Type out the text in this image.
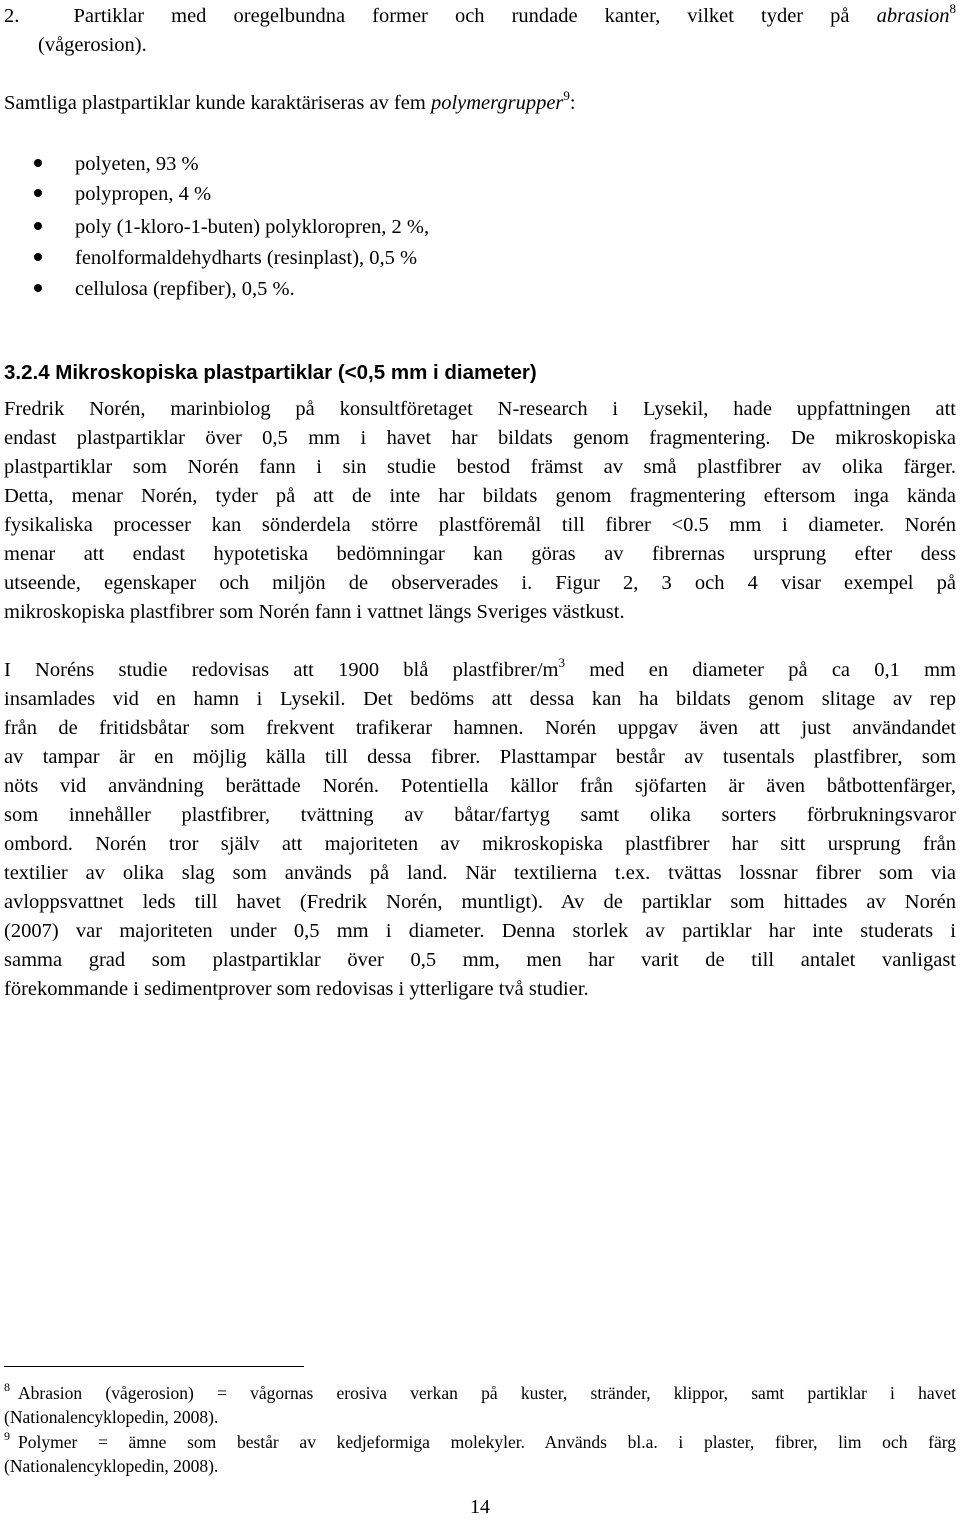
2.  Partiklar med oregelbundna former och rundade kanter, vilket tyder på abrasion$^8$
(vågerosion).
Samtliga plastpartiklar kunde karaktäriseras av fem polymergrupper$^9$:
polyeten, 93 %
polypropen, 4 %
poly (1-kloro-1-buten) polykloropren, 2 %,
fenolformaldehydharts (resinplast), 0,5 %
cellulosa (repfiber), 0,5 %.
3.2.4 Mikroskopiska plastpartiklar (<0,5 mm i diameter)
Fredrik Norén, marinbiolog på konsultföretaget N-research i Lysekil, hade uppfattningen att
endast plastpartiklar över 0,5 mm i havet har bildats genom fragmentering. De mikroskopiska
plastpartiklar som Norén fann i sin studie bestod främst av små plastfibrer av olika färger.
Detta, menar Norén, tyder på att de inte har bildats genom fragmentering eftersom inga kända
fysikaliska processer kan sönderdela större plastföremål till fibrer <0.5 mm i diameter. Norén
menar att endast hypotetiska bedömningar kan göras av fibrernas ursprung efter dess
utseende, egenskaper och miljön de observerades i. Figur 2, 3 och 4 visar exempel på
mikroskopiska plastfibrer som Norén fann i vattnet längs Sveriges västkust.
I Noréns studie redovisas att 1900 blå plastfibrer/$m^3$ med en diameter på ca 0,1 mm
insamlades vid en hamn i Lysekil. Det bedöms att dessa kan ha bildats genom slitage av rep
från de fritidsbåtar som frekvent trafikerar hamnen. Norén uppgav även att just användandet
av tampar är en möjlig källa till dessa fibrer. Plasttampar består av tusentals plastfibrer, som
nöts vid användning berättade Norén. Potentiella källor från sjöfarten är även båtbottenfärger,
som innehåller plastfibrer, tvättning av båtar/fartyg samt olika sorters förbrukningsvaror
ombord. Norén tror själv att majoriteten av mikroskopiska plastfibrer har sitt ursprung från
textilier av olika slag som används på land. När textilierna t.ex. tvättas lossnar fibrer som via
avloppsvattnet leds till havet (Fredrik Norén, muntligt). Av de partiklar som hittades av Norén
(2007) var majoriteten under 0,5 mm i diameter. Denna storlek av partiklar har inte studerats i
samma grad som plastpartiklar över 0,5 mm, men har varit de till antalet vanligast
förekommande i sedimentprover som redovisas i ytterligare två studier.
$^8$ Abrasion (vågerosion) = vågornas erosiva verkan på kuster, stränder, klippor, samt partiklar i havet
(Nationalencyklopedin, 2008).
$^9$ Polymer = ämne som består av kedjeformiga molekyler. Används bl.a. i plaster, fibrer, lim och färg
(Nationalencyklopedin, 2008).
14
